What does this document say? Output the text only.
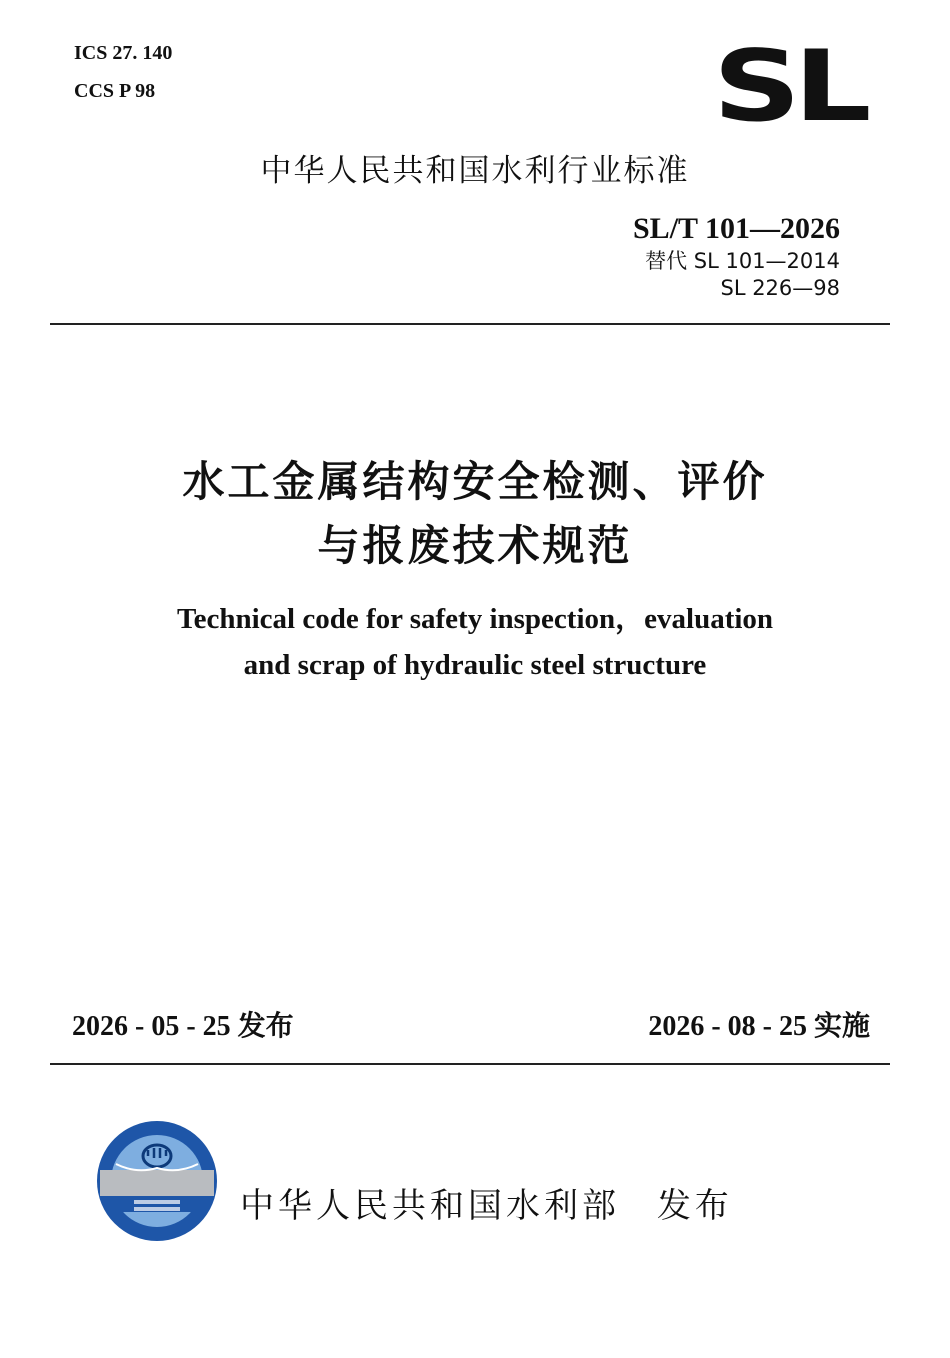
ICS 27. 140
CCS P 98	SL
中华人民共和国水利行业标准
SL/T 101—2026
替代 SL 101—2014
SL 226—98
水工金属结构安全检测、评价
与报废技术规范
Technical code for safety inspection，evaluation
and scrap of hydraulic steel structure
2026 - 05 - 25 发布	2026 - 08 - 25 实施
中华人民共和国水利部 发布
